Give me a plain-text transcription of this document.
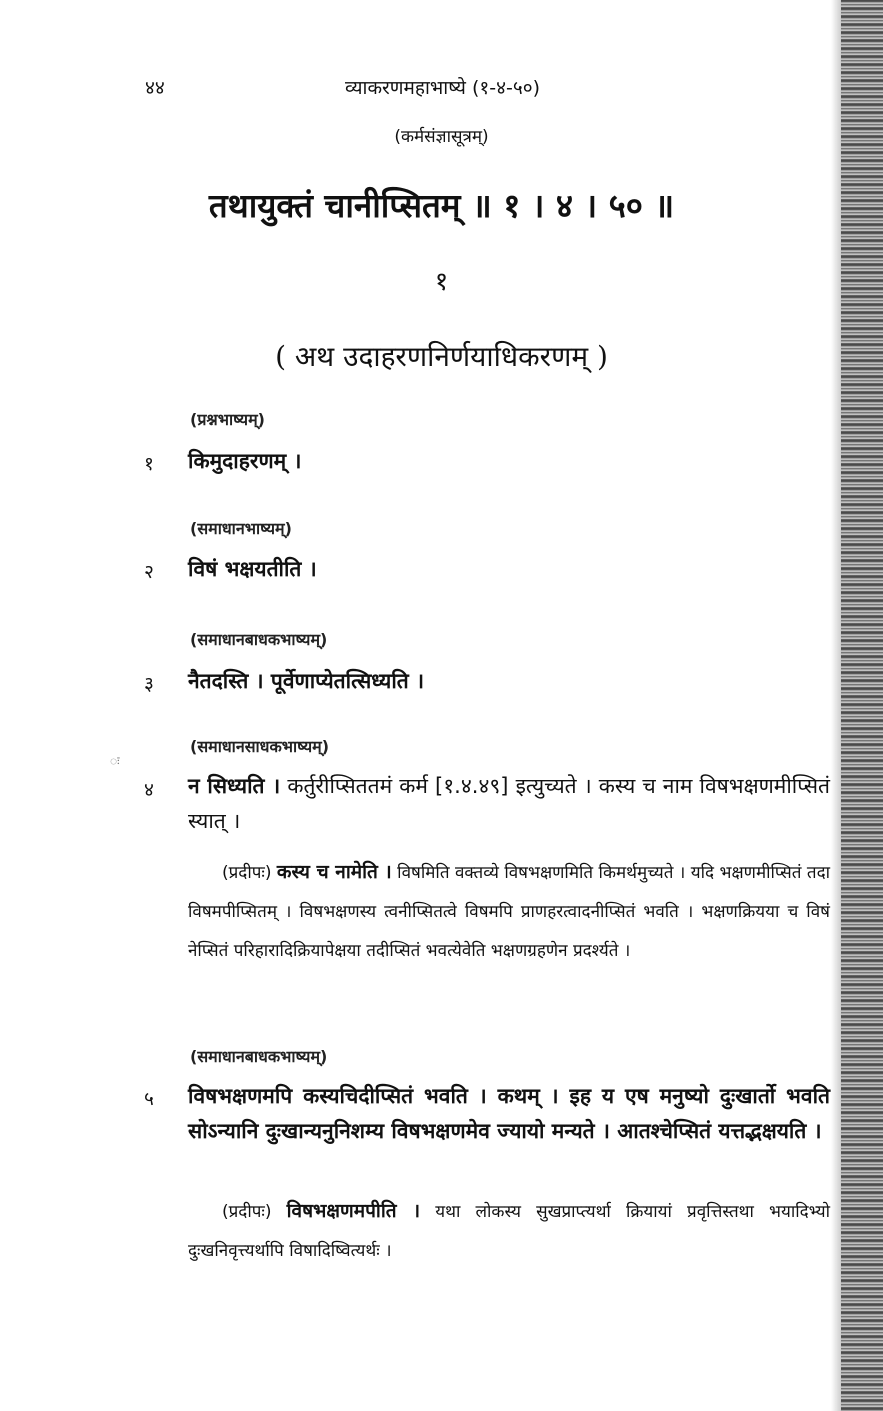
४४	व्याकरणमहाभाष्ये (१-४-५०)
(कर्मसंज्ञासूत्रम्)
तथायुक्तं चानीप्सितम् ॥ १ । ४ । ५० ॥
१
( अथ उदाहरणनिर्णयाधिकरणम् )
(प्रश्नभाष्यम्)
१ किमुदाहरणम् ।
(समाधानभाष्यम्)
२ विषं भक्षयतीति ।
(समाधानबाधकभाष्यम्)
३ नैतदस्ति । पूर्वेणाप्येतत्सिध्यति ।
ः
(समाधानसाधकभाष्यम्)
४ न सिध्यति । कर्तुरीप्सिततमं कर्म [१.४.४९] इत्युच्यते । कस्य च नाम विषभक्षणमीप्सितं स्यात् ।
(प्रदीपः) कस्य च नामेति । विषमिति वक्तव्ये विषभक्षणमिति किमर्थमुच्यते । यदि भक्षणमीप्सितं तदा विषमपीप्सितम् । विषभक्षणस्य त्वनीप्सितत्वे विषमपि प्राणहरत्वादनीप्सितं भवति । भक्षणक्रियया च विषं नेप्सितं परिहारादिक्रियापेक्षया तदीप्सितं भवत्येवेति भक्षणग्रहणेन प्रदर्श्यते ।
(समाधानबाधकभाष्यम्)
५ विषभक्षणमपि कस्यचिदीप्सितं भवति । कथम् । इह य एष मनुष्यो दुःखार्तो भवति सोऽन्यानि दुःखान्यनुनिशम्य विषभक्षणमेव ज्यायो मन्यते । आतश्चेप्सितं यत्तद्भक्षयति ।
(प्रदीपः) विषभक्षणमपीति । यथा लोकस्य सुखप्राप्त्यर्था क्रियायां प्रवृत्तिस्तथा भयादिभ्यो दुःखनिवृत्त्यर्थापि विषादिष्वित्यर्थः ।
